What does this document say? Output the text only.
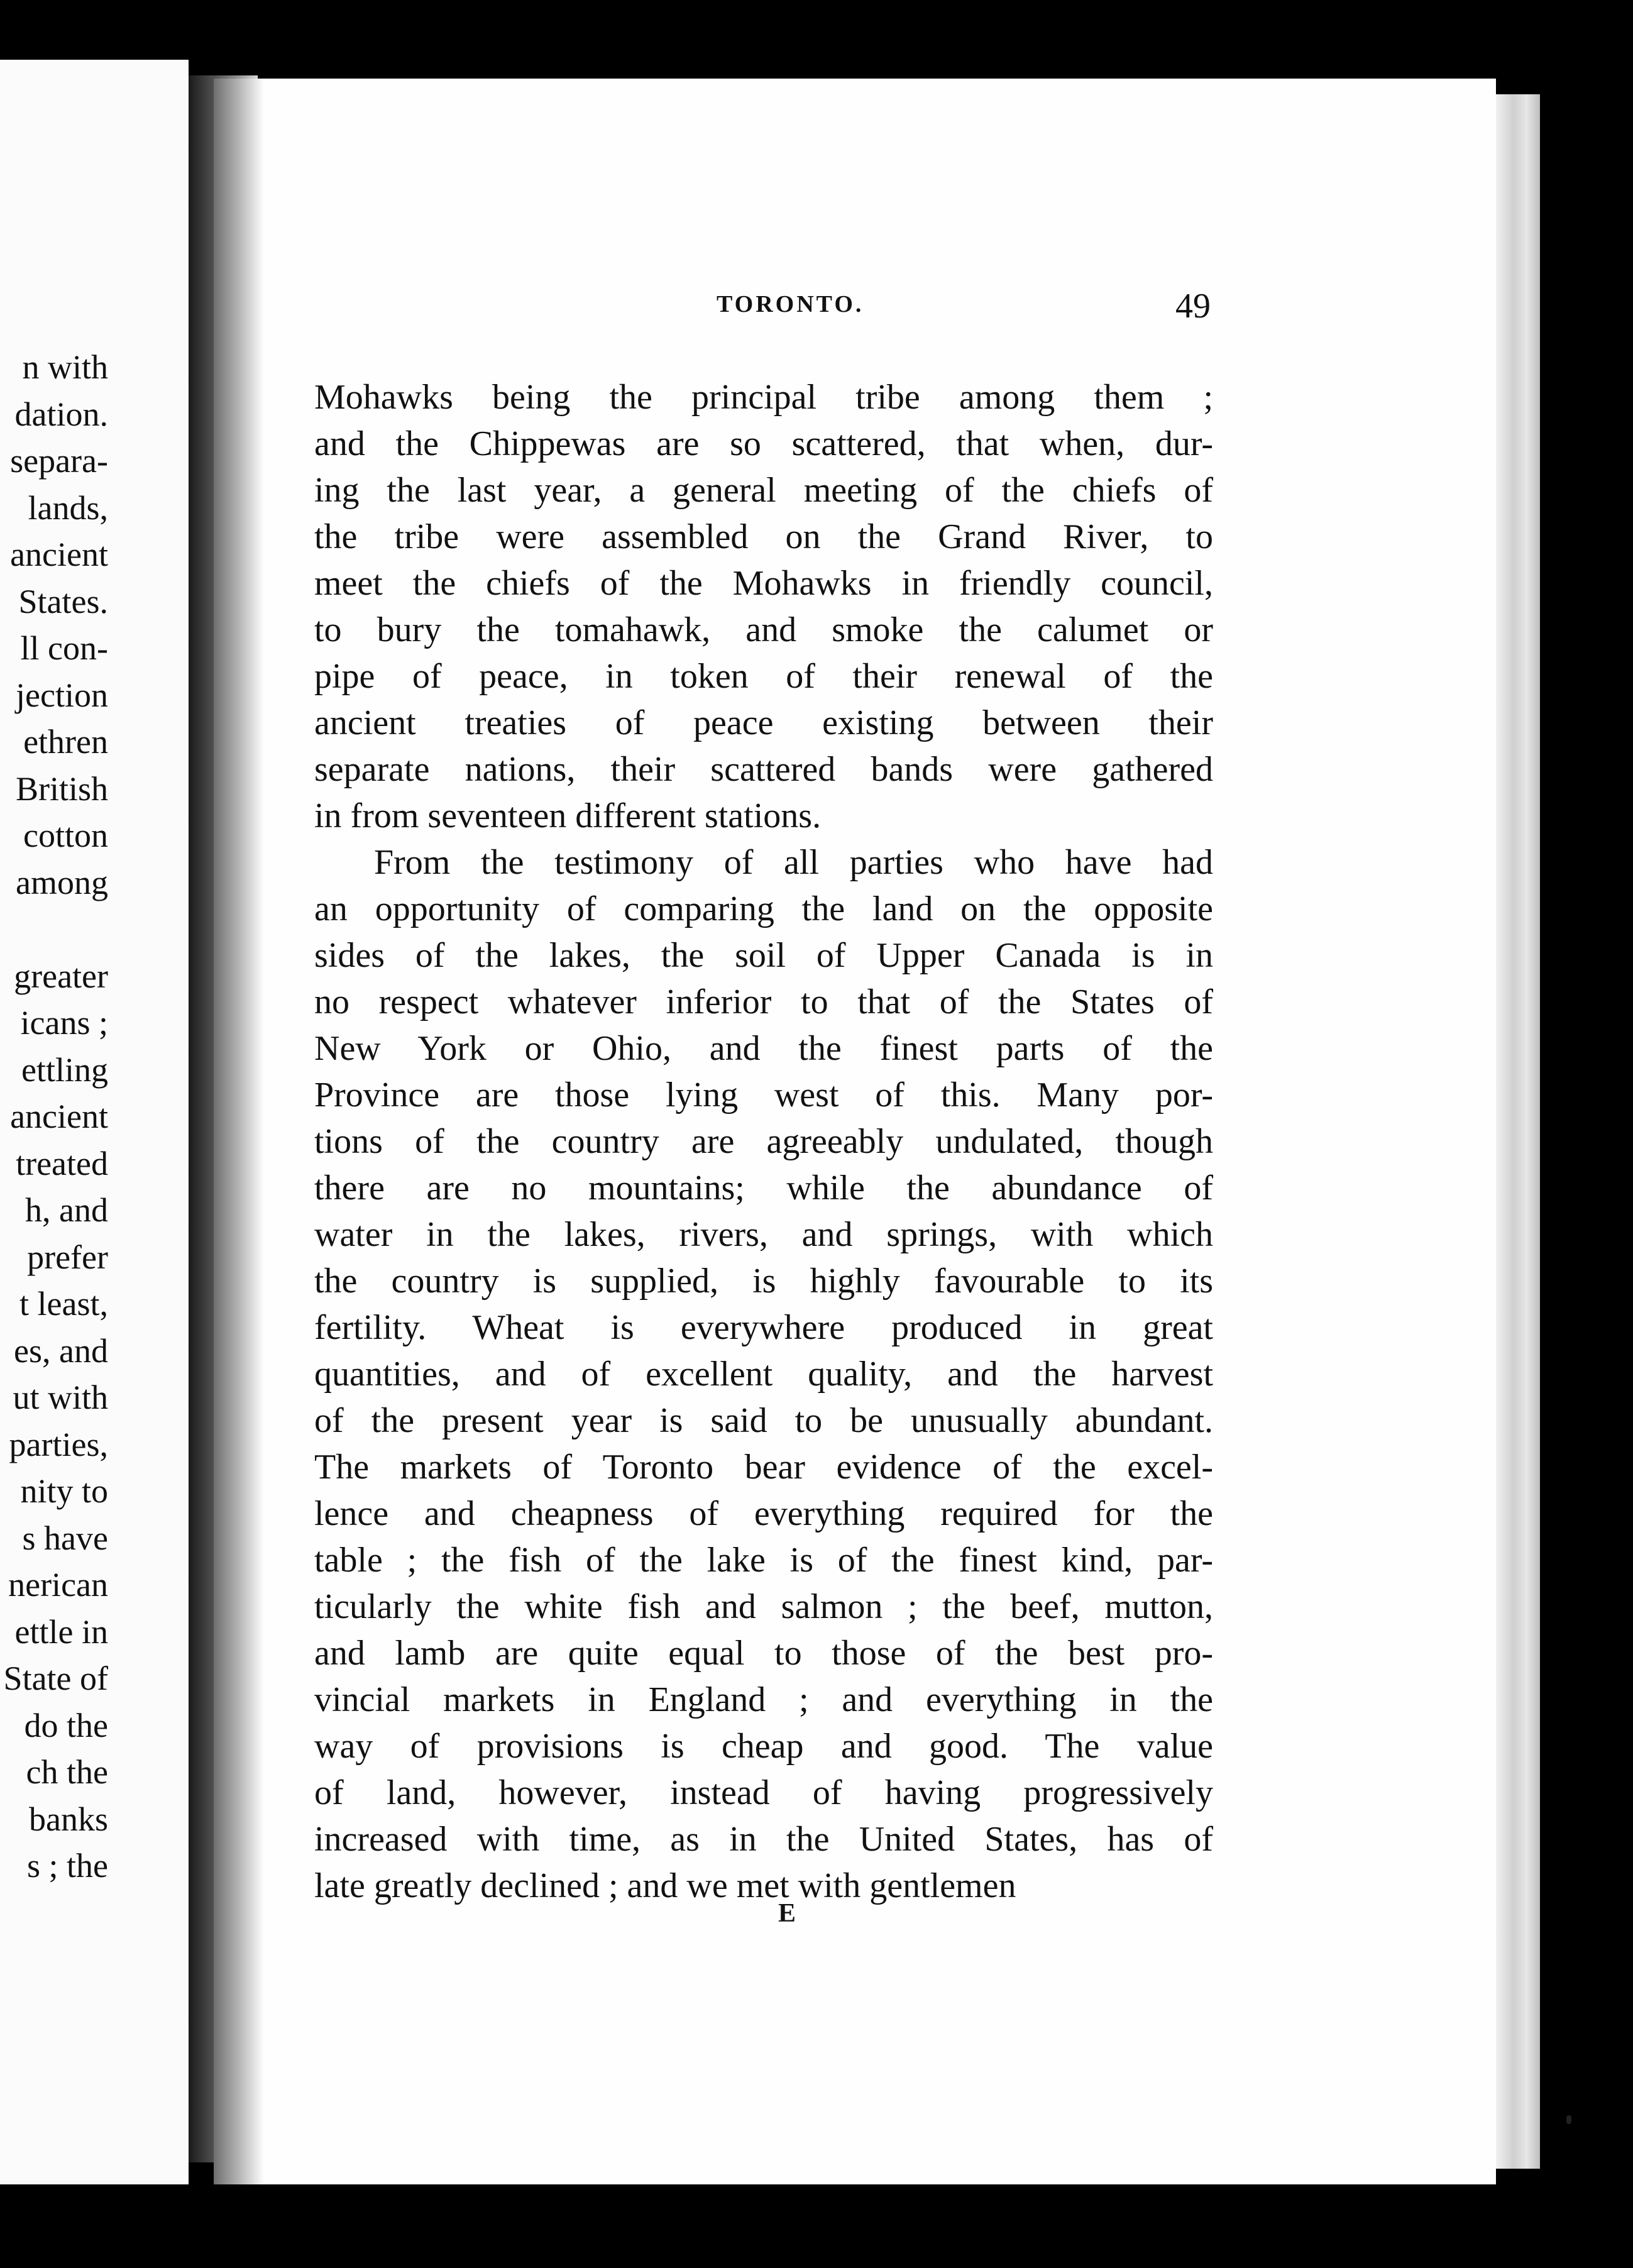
n with
dation.
separa-
lands,
ancient
States.
ll con-
jection
ethren
British
cotton
among
greater
icans ;
ettling
ancient
treated
h, and
prefer
t least,
es, and
ut with
parties,
nity to
s have
nerican
ettle in
State of
do the
ch the
banks
s ; the
TORONTO.	49
Mohawks being the principal tribe among them ;
and the Chippewas are so scattered, that when, dur-
ing the last year, a general meeting of the chiefs of
the tribe were assembled on the Grand River, to
meet the chiefs of the Mohawks in friendly council,
to bury the tomahawk, and smoke the calumet or
pipe of peace, in token of their renewal of the
ancient treaties of peace existing between their
separate nations, their scattered bands were gathered
in from seventeen different stations.
From the testimony of all parties who have had
an opportunity of comparing the land on the opposite
sides of the lakes, the soil of Upper Canada is in
no respect whatever inferior to that of the States of
New York or Ohio, and the finest parts of the
Province are those lying west of this. Many por-
tions of the country are agreeably undulated, though
there are no mountains; while the abundance of
water in the lakes, rivers, and springs, with which
the country is supplied, is highly favourable to its
fertility. Wheat is everywhere produced in great
quantities, and of excellent quality, and the harvest
of the present year is said to be unusually abundant.
The markets of Toronto bear evidence of the excel-
lence and cheapness of everything required for the
table ; the fish of the lake is of the finest kind, par-
ticularly the white fish and salmon ; the beef, mutton,
and lamb are quite equal to those of the best pro-
vincial markets in England ; and everything in the
way of provisions is cheap and good. The value
of land, however, instead of having progressively
increased with time, as in the United States, has of
late greatly declined ; and we met with gentlemen
E
